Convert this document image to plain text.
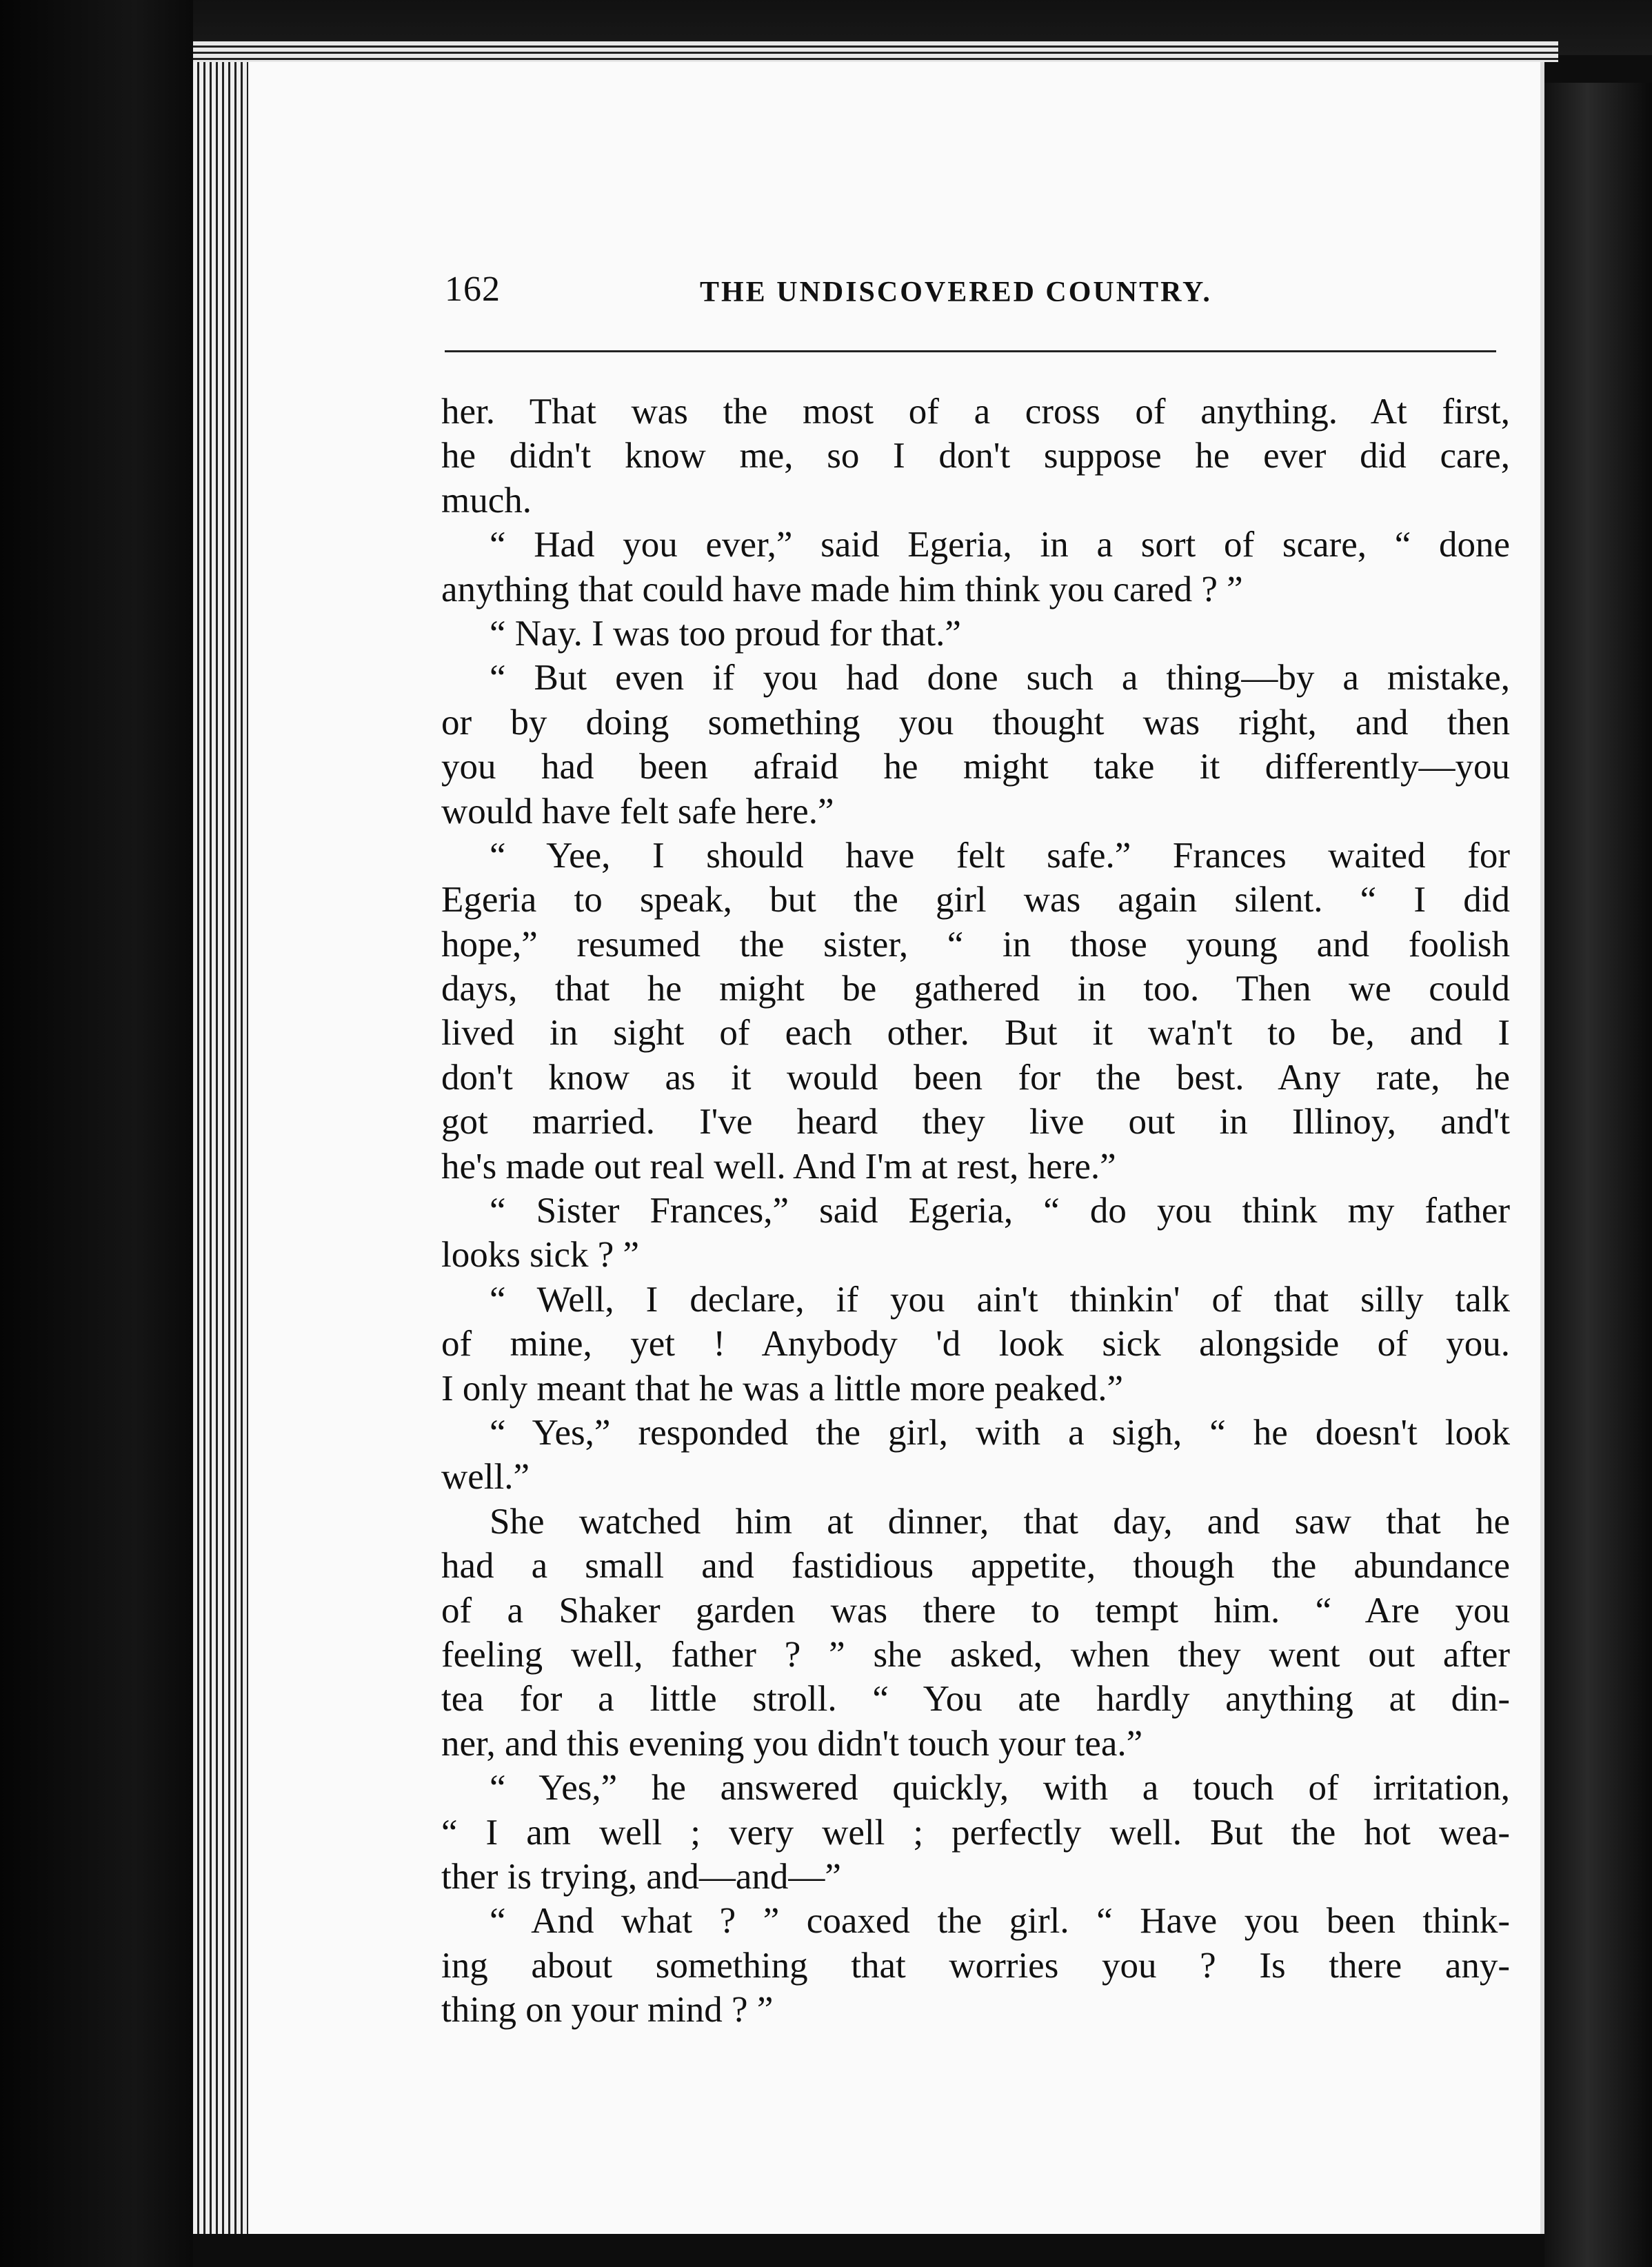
162	THE UNDISCOVERED COUNTRY.
her. That was the most of a cross of anything. At first,
he didn't know me, so I don't suppose he ever did care,
much.
“ Had you ever,” said Egeria, in a sort of scare, “ done
anything that could have made him think you cared ? ”
“ Nay. I was too proud for that.”
“ But even if you had done such a thing—by a mistake,
or by doing something you thought was right, and then
you had been afraid he might take it differently—you
would have felt safe here.”
“ Yee, I should have felt safe.” Frances waited for
Egeria to speak, but the girl was again silent. “ I did
hope,” resumed the sister, “ in those young and foolish
days, that he might be gathered in too. Then we could
lived in sight of each other. But it wa'n't to be, and I
don't know as it would been for the best. Any rate, he
got married. I've heard they live out in Illinoy, and't
he's made out real well. And I'm at rest, here.”
“ Sister Frances,” said Egeria, “ do you think my father
looks sick ? ”
“ Well, I declare, if you ain't thinkin' of that silly talk
of mine, yet ! Anybody 'd look sick alongside of you.
I only meant that he was a little more peaked.”
“ Yes,” responded the girl, with a sigh, “ he doesn't look
well.”
She watched him at dinner, that day, and saw that he
had a small and fastidious appetite, though the abundance
of a Shaker garden was there to tempt him. “ Are you
feeling well, father ? ” she asked, when they went out after
tea for a little stroll. “ You ate hardly anything at din-
ner, and this evening you didn't touch your tea.”
“ Yes,” he answered quickly, with a touch of irritation,
“ I am well ; very well ; perfectly well. But the hot wea-
ther is trying, and—and—”
“ And what ? ” coaxed the girl. “ Have you been think-
ing about something that worries you ? Is there any-
thing on your mind ? ”
